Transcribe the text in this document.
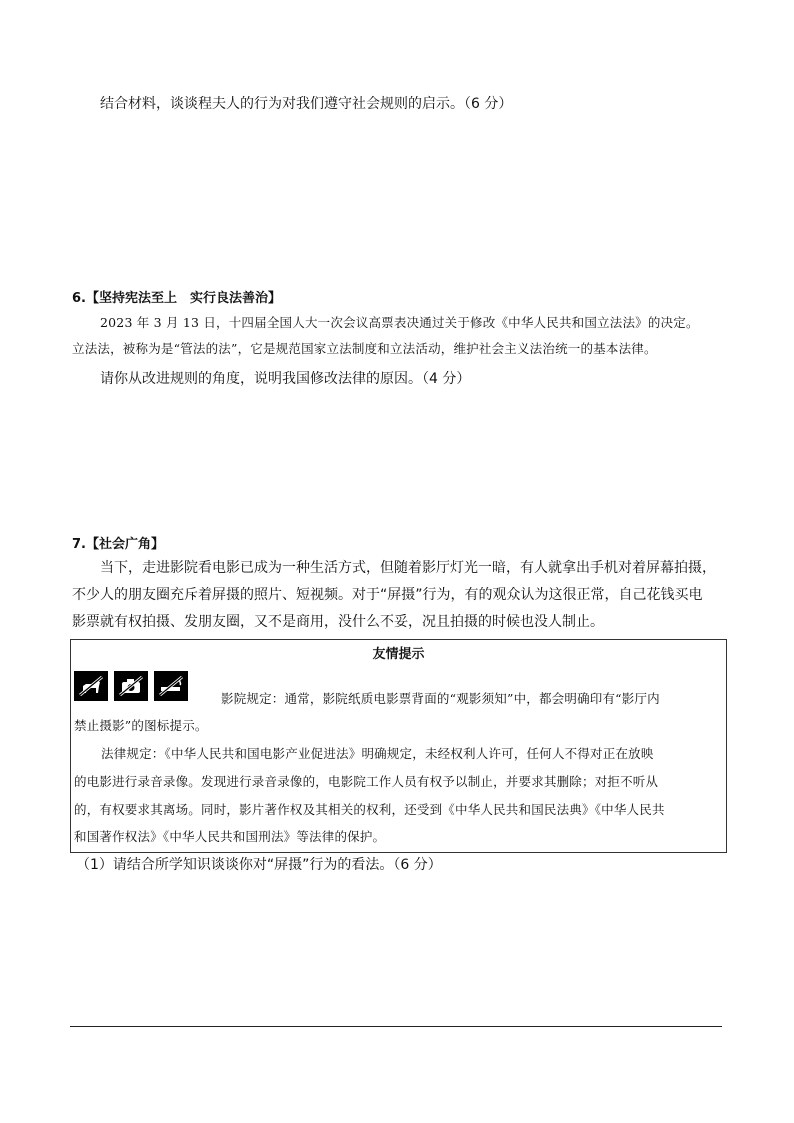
结合材料，谈谈程夫人的行为对我们遵守社会规则的启示。（6 分）
6.【坚持宪法至上　实行良法善治】
2023 年 3 月 13 日，十四届全国人大一次会议高票表决通过关于修改《中华人民共和国立法法》的决定。
立法法，被称为是“管法的法”，它是规范国家立法制度和立法活动，维护社会主义法治统一的基本法律。
请你从改进规则的角度，说明我国修改法律的原因。（4 分）
7.【社会广角】
当下，走进影院看电影已成为一种生活方式，但随着影厅灯光一暗，有人就拿出手机对着屏幕拍摄，
不少人的朋友圈充斥着屏摄的照片、短视频。对于“屏摄”行为，有的观众认为这很正常，自己花钱买电
影票就有权拍摄、发朋友圈，又不是商用，没什么不妥，况且拍摄的时候也没人制止。
友情提示
影院规定：通常，影院纸质电影票背面的“观影须知”中，都会明确印有“影厅内
禁止摄影”的图标提示。
法律规定：《中华人民共和国电影产业促进法》明确规定，未经权利人许可，任何人不得对正在放映
的电影进行录音录像。发现进行录音录像的，电影院工作人员有权予以制止，并要求其删除；对拒不听从
的，有权要求其离场。同时，影片著作权及其相关的权利，还受到《中华人民共和国民法典》《中华人民共
和国著作权法》《中华人民共和国刑法》等法律的保护。
（1）请结合所学知识谈谈你对“屏摄”行为的看法。（6 分）
